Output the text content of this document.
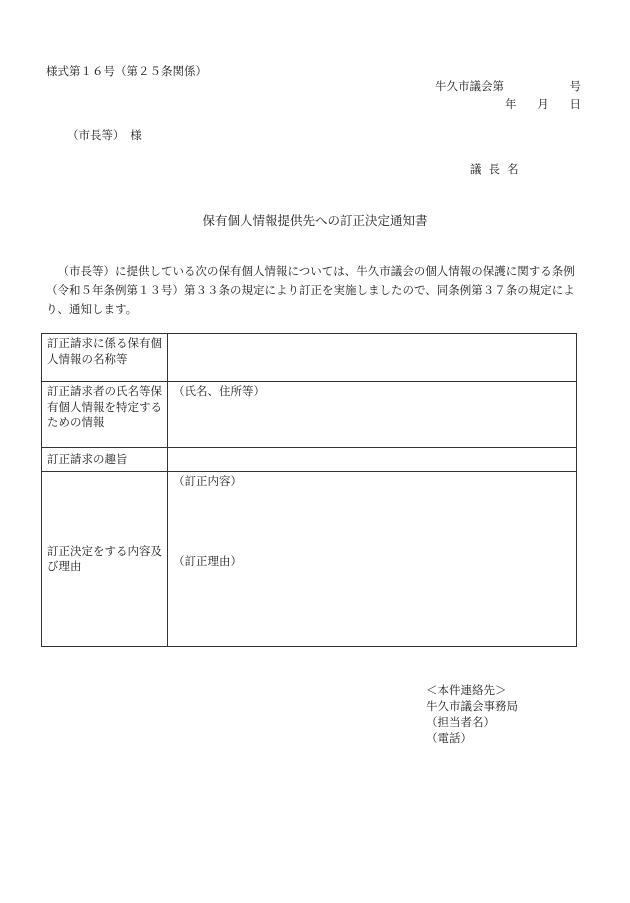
様式第１６号（第２５条関係）
牛久市議会第	号
年 月 日
（市長等）　様
議長名
保有個人情報提供先への訂正決定通知書
（市長等）に提供している次の保有個人情報については、牛久市議会の個人情報の保護に関する条例（令和５年条例第１３号）第３３条の規定により訂正を実施しましたので、同条例第３７条の規定により、通知します。
訂正請求に係る保有個人情報の名称等	
訂正請求者の氏名等保有個人情報を特定するための情報	（氏名、住所等）
訂正請求の趣旨	
訂正決定をする内容及び理由	（訂正内容）
（訂正理由）
＜本件連絡先＞
牛久市議会事務局
（担当者名）
（電話）
